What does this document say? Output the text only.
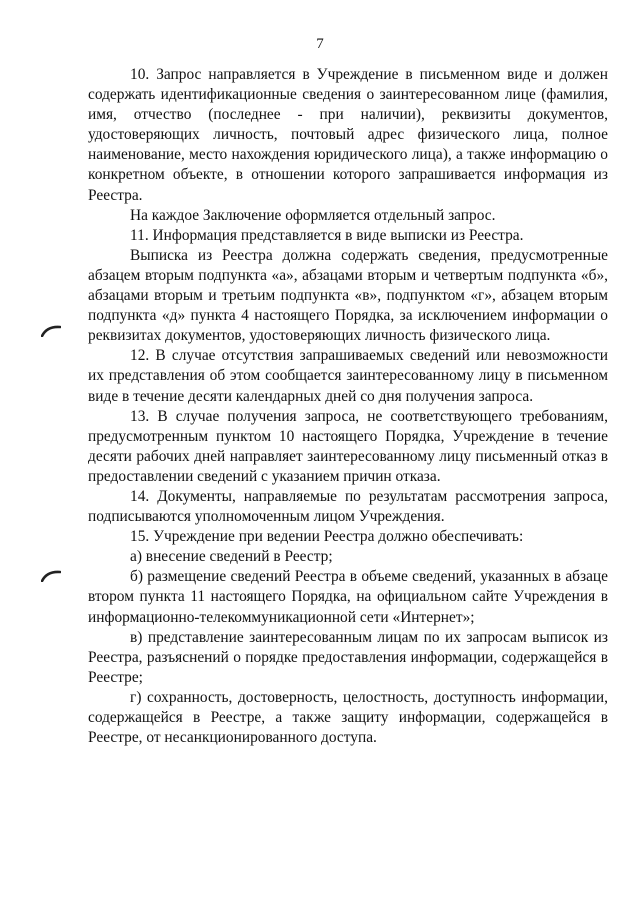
7

10. Запрос направляется в Учреждение в письменном виде и должен содержать идентификационные сведения о заинтересованном лице (фамилия, имя, отчество (последнее - при наличии), реквизиты документов, удостоверяющих личность, почтовый адрес физического лица, полное наименование, место нахождения юридического лица), а также информацию о конкретном объекте, в отношении которого запрашивается информация из Реестра.

На каждое Заключение оформляется отдельный запрос.

11. Информация представляется в виде выписки из Реестра.

Выписка из Реестра должна содержать сведения, предусмотренные абзацем вторым подпункта «а», абзацами вторым и четвертым подпункта «б», абзацами вторым и третьим подпункта «в», подпунктом «г», абзацем вторым подпункта «д» пункта 4 настоящего Порядка, за исключением информации о реквизитах документов, удостоверяющих личность физического лица.

12. В случае отсутствия запрашиваемых сведений или невозможности их представления об этом сообщается заинтересованному лицу в письменном виде в течение десяти календарных дней со дня получения запроса.

13. В случае получения запроса, не соответствующего требованиям, предусмотренным пунктом 10 настоящего Порядка, Учреждение в течение десяти рабочих дней направляет заинтересованному лицу письменный отказ в предоставлении сведений с указанием причин отказа.

14. Документы, направляемые по результатам рассмотрения запроса, подписываются уполномоченным лицом Учреждения.

15. Учреждение при ведении Реестра должно обеспечивать:

а) внесение сведений в Реестр;

б) размещение сведений Реестра в объеме сведений, указанных в абзаце втором пункта 11 настоящего Порядка, на официальном сайте Учреждения в информационно-телекоммуникационной сети «Интернет»;

в) представление заинтересованным лицам по их запросам выписок из Реестра, разъяснений о порядке предоставления информации, содержащейся в Реестре;

г) сохранность, достоверность, целостность, доступность информации, содержащейся в Реестре, а также защиту информации, содержащейся в Реестре, от несанкционированного доступа.
